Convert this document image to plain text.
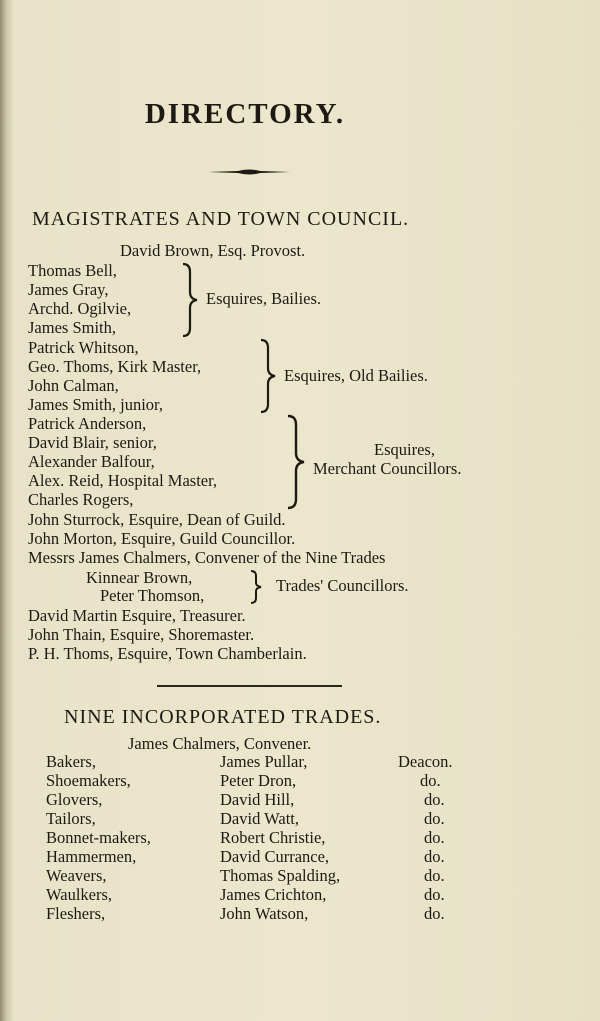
DIRECTORY.
MAGISTRATES AND TOWN COUNCIL.
David Brown, Esq. Provost.
Thomas Bell,
James Gray,
Archd. Ogilvie,
James Smith,
Esquires, Bailies.
Patrick Whitson,
Geo. Thoms, Kirk Master,
John Calman,
James Smith, junior,
Esquires, Old Bailies.
Patrick Anderson,
David Blair, senior,
Alexander Balfour,
Alex. Reid, Hospital Master,
Charles Rogers,
Esquires,
Merchant Councillors.
John Sturrock, Esquire, Dean of Guild.
John Morton, Esquire, Guild Councillor.
Messrs James Chalmers, Convener of the Nine Trades
Kinnear Brown,
Peter Thomson,
Trades' Councillors.
David Martin Esquire, Treasurer.
John Thain, Esquire, Shoremaster.
P. H. Thoms, Esquire, Town Chamberlain.
NINE INCORPORATED TRADES.
James Chalmers, Convener.
Bakers,	James Pullar,	Deacon.
Shoemakers,	Peter Dron,	do.
Glovers,	David Hill,	do.
Tailors,	David Watt,	do.
Bonnet-makers,	Robert Christie,	do.
Hammermen,	David Currance,	do.
Weavers,	Thomas Spalding,	do.
Waulkers,	James Crichton,	do.
Fleshers,	John Watson,	do.
